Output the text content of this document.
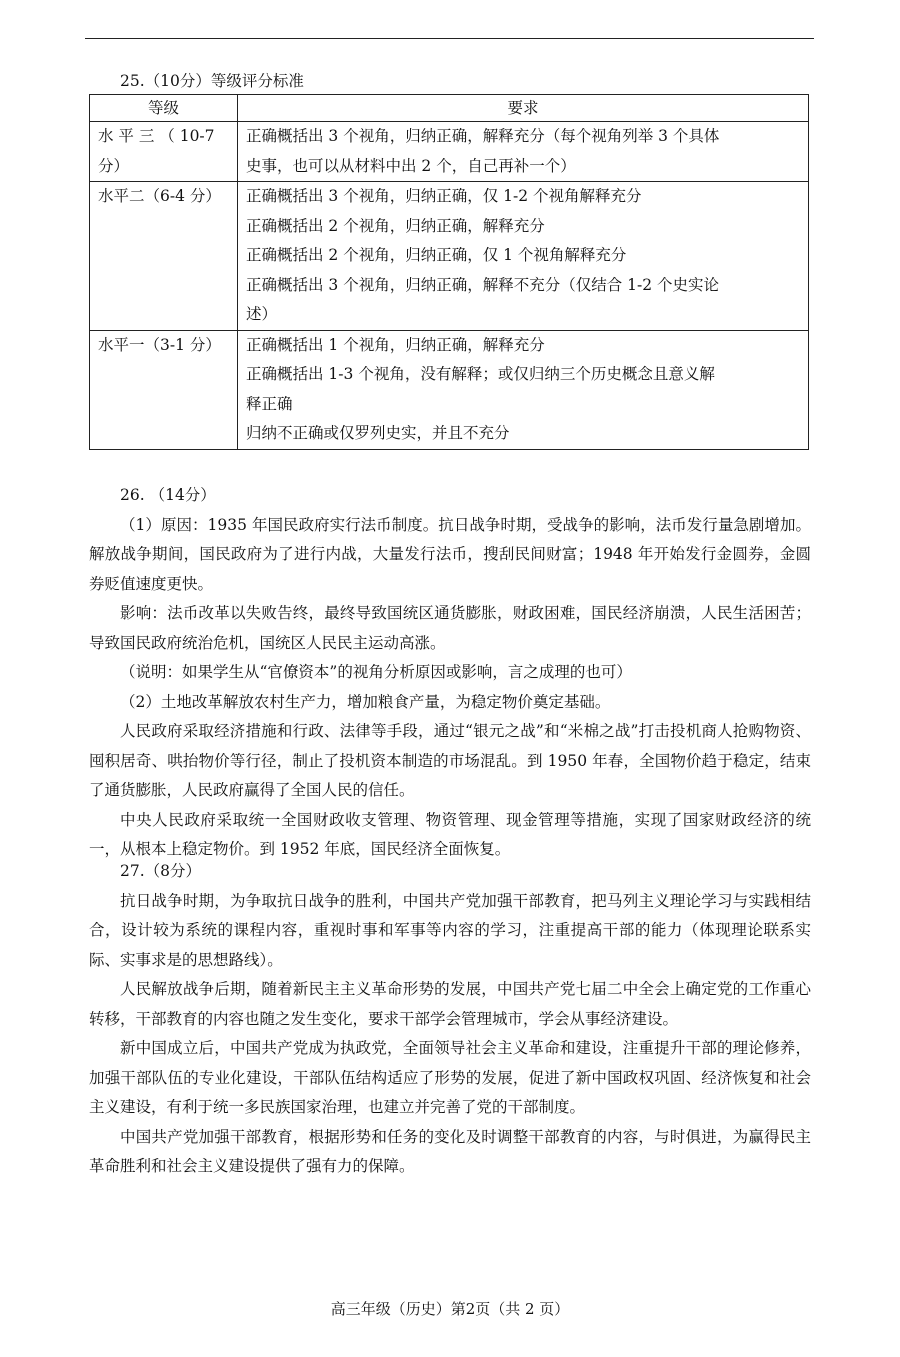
25.（10分）等级评分标准
等级	要求

水 平 三 （ 10-7
分）	正确概括出 3 个视角，归纳正确，解释充分（每个视角列举 3 个具体
史事，也可以从材料中出 2 个，自己再补一个）

水平二（6-4 分）	正确概括出 3 个视角，归纳正确，仅 1-2 个视角解释充分
正确概括出 2 个视角，归纳正确，解释充分
正确概括出 2 个视角，归纳正确，仅 1 个视角解释充分
正确概括出 3 个视角，归纳正确，解释不充分（仅结合 1-2 个史实论
述）

水平一（3-1 分）	正确概括出 1 个视角，归纳正确，解释充分
正确概括出 1-3 个视角，没有解释；或仅归纳三个历史概念且意义解
释正确
归纳不正确或仅罗列史实，并且不充分

26. （14分）

（1）原因：1935 年国民政府实行法币制度。抗日战争时期，受战争的影响，法币发行量急剧增加。解放战争期间，国民政府为了进行内战，大量发行法币，搜刮民间财富；1948 年开始发行金圆券，金圆券贬值速度更快。

影响：法币改革以失败告终，最终导致国统区通货膨胀，财政困难，国民经济崩溃，人民生活困苦；导致国民政府统治危机，国统区人民民主运动高涨。

（说明：如果学生从“官僚资本”的视角分析原因或影响，言之成理的也可）

（2）土地改革解放农村生产力，增加粮食产量，为稳定物价奠定基础。

人民政府采取经济措施和行政、法律等手段，通过“银元之战”和“米棉之战”打击投机商人抢购物资、囤积居奇、哄抬物价等行径，制止了投机资本制造的市场混乱。到 1950 年春，全国物价趋于稳定，结束了通货膨胀，人民政府赢得了全国人民的信任。

中央人民政府采取统一全国财政收支管理、物资管理、现金管理等措施，实现了国家财政经济的统一，从根本上稳定物价。到 1952 年底，国民经济全面恢复。

27.（8分）

抗日战争时期，为争取抗日战争的胜利，中国共产党加强干部教育，把马列主义理论学习与实践相结合，设计较为系统的课程内容，重视时事和军事等内容的学习，注重提高干部的能力（体现理论联系实际、实事求是的思想路线）。

人民解放战争后期，随着新民主主义革命形势的发展，中国共产党七届二中全会上确定党的工作重心转移，干部教育的内容也随之发生变化，要求干部学会管理城市，学会从事经济建设。

新中国成立后，中国共产党成为执政党，全面领导社会主义革命和建设，注重提升干部的理论修养，加强干部队伍的专业化建设，干部队伍结构适应了形势的发展，促进了新中国政权巩固、经济恢复和社会主义建设，有利于统一多民族国家治理，也建立并完善了党的干部制度。

中国共产党加强干部教育，根据形势和任务的变化及时调整干部教育的内容，与时俱进，为赢得民主革命胜利和社会主义建设提供了强有力的保障。

高三年级（历史）第2页（共 2 页）
